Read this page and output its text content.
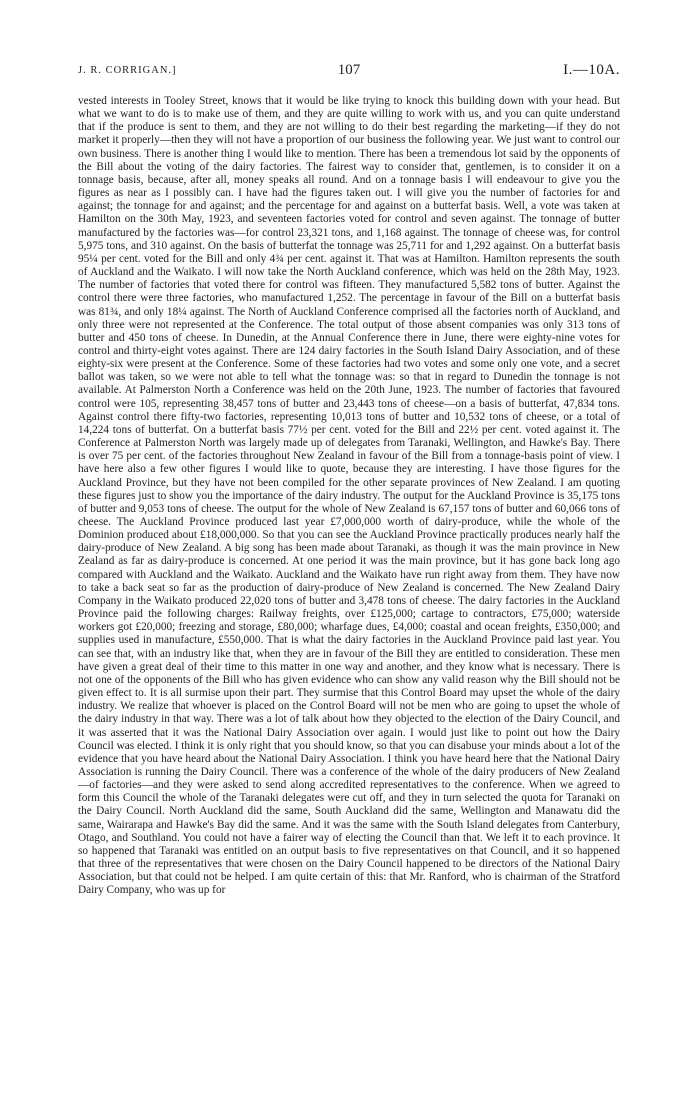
J. R. CORRIGAN.]	107	I.—10A.

vested interests in Tooley Street, knows that it would be like trying to knock this building down with your head. But what we want to do is to make use of them, and they are quite willing to work with us, and you can quite understand that if the produce is sent to them, and they are not willing to do their best regarding the marketing—if they do not market it properly—then they will not have a proportion of our business the following year. We just want to control our own business. There is another thing I would like to mention. There has been a tremendous lot said by the opponents of the Bill about the voting of the dairy factories. The fairest way to consider that, gentlemen, is to consider it on a tonnage basis, because, after all, money speaks all round. And on a tonnage basis I will endeavour to give you the figures as near as I possibly can. I have had the figures taken out. I will give you the number of factories for and against; the tonnage for and against; and the percentage for and against on a butterfat basis. Well, a vote was taken at Hamilton on the 30th May, 1923, and seventeen factories voted for control and seven against. The tonnage of butter manufactured by the factories was—for control 23,321 tons, and 1,168 against. The tonnage of cheese was, for control 5,975 tons, and 310 against. On the basis of butterfat the tonnage was 25,711 for and 1,292 against. On a butterfat basis 95¼ per cent. voted for the Bill and only 4¾ per cent. against it. That was at Hamilton. Hamilton represents the south of Auckland and the Waikato. I will now take the North Auckland conference, which was held on the 28th May, 1923. The number of factories that voted there for control was fifteen. They manufactured 5,582 tons of butter. Against the control there were three factories, who manufactured 1,252. The percentage in favour of the Bill on a butterfat basis was 81¾, and only 18¼ against. The North of Auckland Conference comprised all the factories north of Auckland, and only three were not represented at the Conference. The total output of those absent companies was only 313 tons of butter and 450 tons of cheese. In Dunedin, at the Annual Conference there in June, there were eighty-nine votes for control and thirty-eight votes against. There are 124 dairy factories in the South Island Dairy Association, and of these eighty-six were present at the Conference. Some of these factories had two votes and some only one vote, and a secret ballot was taken, so we were not able to tell what the tonnage was: so that in regard to Dunedin the tonnage is not available. At Palmerston North a Conference was held on the 20th June, 1923. The number of factories that favoured control were 105, representing 38,457 tons of butter and 23,443 tons of cheese—on a basis of butterfat, 47,834 tons. Against control there fifty-two factories, representing 10,013 tons of butter and 10,532 tons of cheese, or a total of 14,224 tons of butterfat. On a butterfat basis 77½ per cent. voted for the Bill and 22½ per cent. voted against it. The Conference at Palmerston North was largely made up of delegates from Taranaki, Wellington, and Hawke's Bay. There is over 75 per cent. of the factories throughout New Zealand in favour of the Bill from a tonnage-basis point of view. I have here also a few other figures I would like to quote, because they are interesting. I have those figures for the Auckland Province, but they have not been compiled for the other separate provinces of New Zealand. I am quoting these figures just to show you the importance of the dairy industry. The output for the Auckland Province is 35,175 tons of butter and 9,053 tons of cheese. The output for the whole of New Zealand is 67,157 tons of butter and 60,066 tons of cheese. The Auckland Province produced last year £7,000,000 worth of dairy-produce, while the whole of the Dominion produced about £18,000,000. So that you can see the Auckland Province practically produces nearly half the dairy-produce of New Zealand. A big song has been made about Taranaki, as though it was the main province in New Zealand as far as dairy-produce is concerned. At one period it was the main province, but it has gone back long ago compared with Auckland and the Waikato. Auckland and the Waikato have run right away from them. They have now to take a back seat so far as the production of dairy-produce of New Zealand is concerned. The New Zealand Dairy Company in the Waikato produced 22,020 tons of butter and 3,478 tons of cheese. The dairy factories in the Auckland Province paid the following charges: Railway freights, over £125,000; cartage to contractors, £75,000; waterside workers got £20,000; freezing and storage, £80,000; wharfage dues, £4,000; coastal and ocean freights, £350,000; and supplies used in manufacture, £550,000. That is what the dairy factories in the Auckland Province paid last year. You can see that, with an industry like that, when they are in favour of the Bill they are entitled to consideration. These men have given a great deal of their time to this matter in one way and another, and they know what is necessary. There is not one of the opponents of the Bill who has given evidence who can show any valid reason why the Bill should not be given effect to. It is all surmise upon their part. They surmise that this Control Board may upset the whole of the dairy industry. We realize that whoever is placed on the Control Board will not be men who are going to upset the whole of the dairy industry in that way. There was a lot of talk about how they objected to the election of the Dairy Council, and it was asserted that it was the National Dairy Association over again. I would just like to point out how the Dairy Council was elected. I think it is only right that you should know, so that you can disabuse your minds about a lot of the evidence that you have heard about the National Dairy Association. I think you have heard here that the National Dairy Association is running the Dairy Council. There was a conference of the whole of the dairy producers of New Zealand—of factories—and they were asked to send along accredited representatives to the conference. When we agreed to form this Council the whole of the Taranaki delegates were cut off, and they in turn selected the quota for Taranaki on the Dairy Council. North Auckland did the same, South Auckland did the same, Wellington and Manawatu did the same, Wairarapa and Hawke's Bay did the same. And it was the same with the South Island delegates from Canterbury, Otago, and Southland. You could not have a fairer way of electing the Council than that. We left it to each province. It so happened that Taranaki was entitled on an output basis to five representatives on that Council, and it so happened that three of the representatives that were chosen on the Dairy Council happened to be directors of the National Dairy Association, but that could not be helped. I am quite certain of this: that Mr. Ranford, who is chairman of the Stratford Dairy Company, who was up for
